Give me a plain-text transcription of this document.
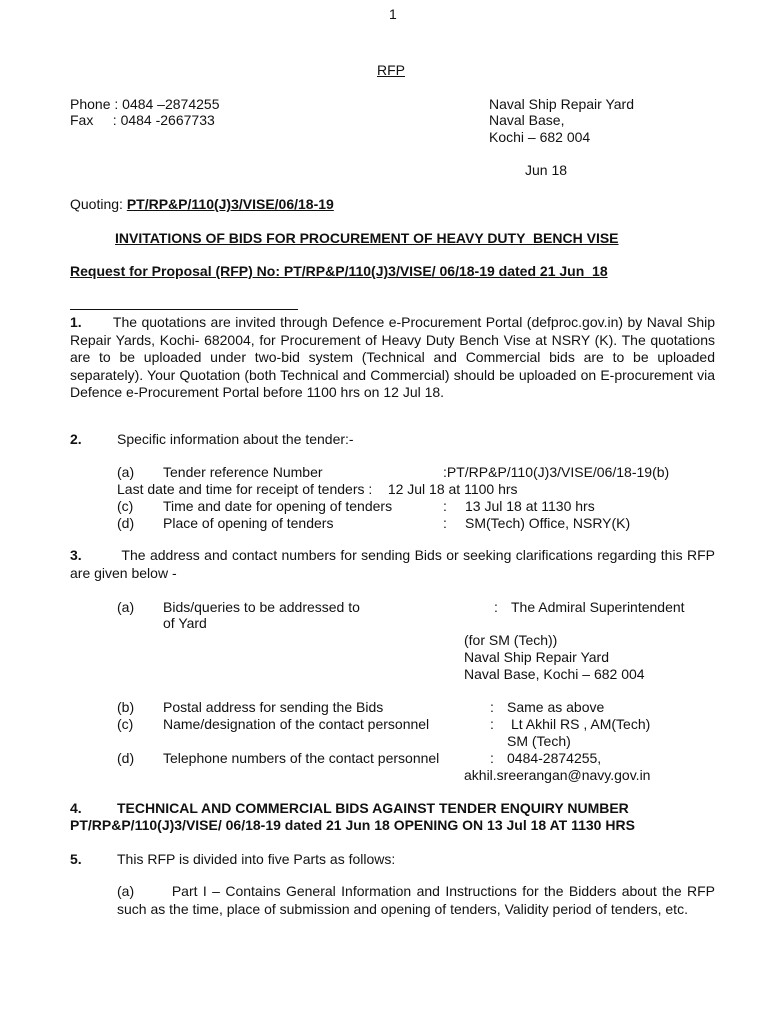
1
RFP
Phone : 0484 –2874255
Fax     : 0484 -2667733
Naval Ship Repair Yard
Naval Base,
Kochi – 682 004
Jun 18
Quoting: PT/RP&P/110(J)3/VISE/06/18-19
INVITATIONS OF BIDS FOR PROCUREMENT OF HEAVY DUTY  BENCH VISE
Request for Proposal (RFP) No: PT/RP&P/110(J)3/VISE/ 06/18-19 dated 21 Jun  18
1. The quotations are invited through Defence e-Procurement Portal (defproc.gov.in) by Naval Ship Repair Yards, Kochi- 682004, for Procurement of Heavy Duty Bench Vise at NSRY (K). The quotations are to be uploaded under two-bid system (Technical and Commercial bids are to be uploaded separately). Your Quotation (both Technical and Commercial) should be uploaded on E-procurement via Defence e-Procurement Portal before 1100 hrs on 12 Jul 18.
2.	Specific information about the tender:-
(a) Tender reference Number	:PT/RP&P/110(J)3/VISE/06/18-19(b)
Last date and time for receipt of tenders :    12 Jul 18 at 1100 hrs
(c) Time and date for opening of tenders	: 13 Jul 18 at 1130 hrs
(d) Place of opening of tenders	: SM(Tech) Office, NSRY(K)
3.	The address and contact numbers for sending Bids or seeking clarifications regarding this RFP are given below -
(a) Bids/queries to be addressed to
of Yard
: The Admiral Superintendent
(for SM (Tech))
Naval Ship Repair Yard
Naval Base, Kochi – 682 004
(b) Postal address for sending the Bids	: Same as above
(c) Name/designation of the contact personnel	: Lt Akhil RS , AM(Tech)
SM (Tech)
(d) Telephone numbers of the contact personnel	: 0484-2874255,
akhil.sreerangan@navy.gov.in
4.	TECHNICAL AND COMMERCIAL BIDS AGAINST TENDER ENQUIRY NUMBER
PT/RP&P/110(J)3/VISE/ 06/18-19 dated 21 Jun 18 OPENING ON 13 Jul 18 AT 1130 HRS
5.	This RFP is divided into five Parts as follows:
(a)	Part I – Contains General Information and Instructions for the Bidders about the RFP such as the time, place of submission and opening of tenders, Validity period of tenders, etc.
